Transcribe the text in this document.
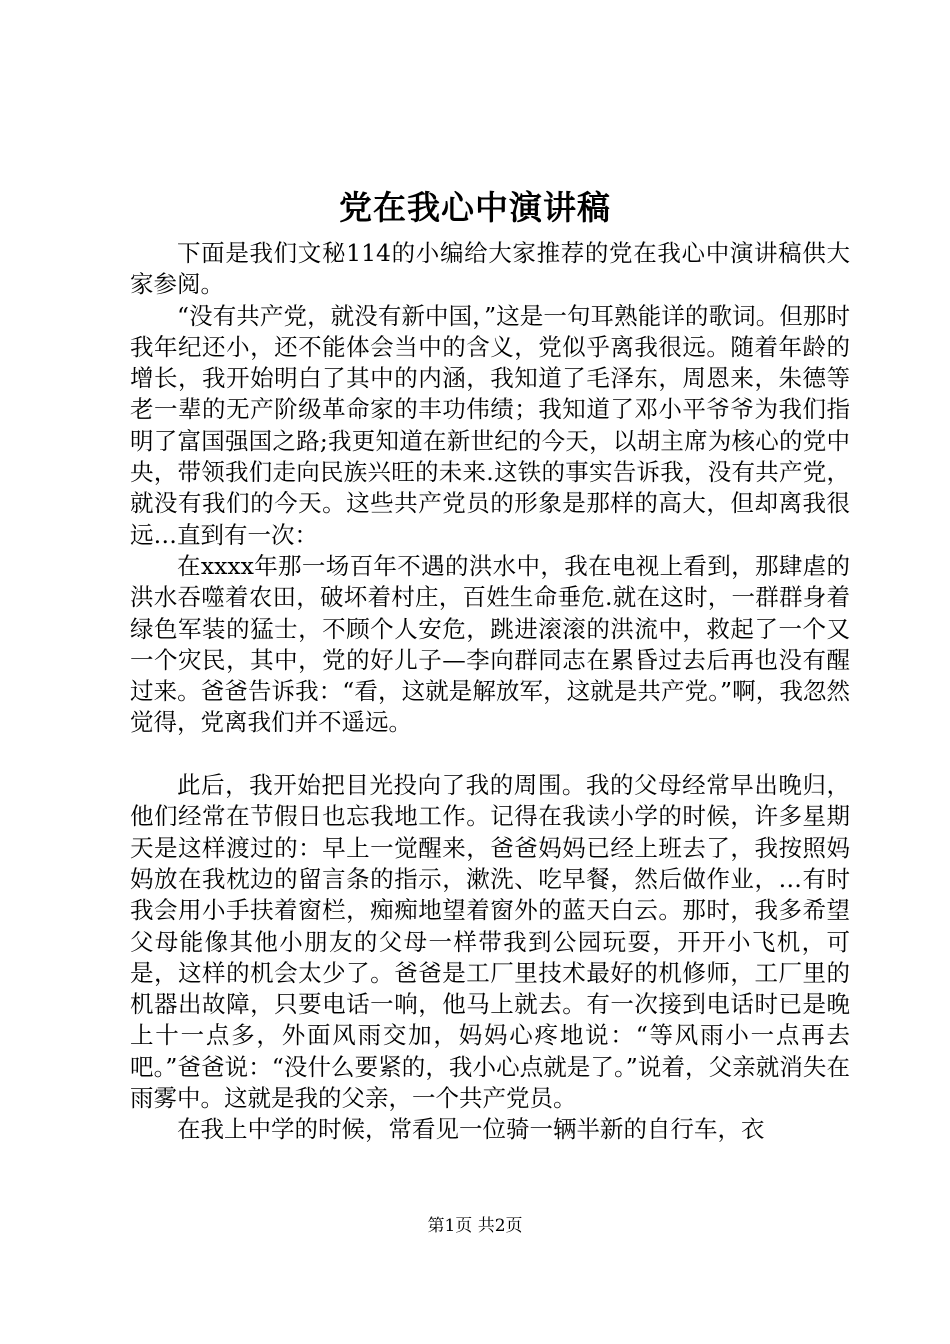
党在我心中演讲稿

下面是我们文秘114的小编给大家推荐的党在我心中演讲稿供大家参阅。

“没有共产党，就没有新中国，”这是一句耳熟能详的歌词。但那时我年纪还小，还不能体会当中的含义，党似乎离我很远。随着年龄的增长，我开始明白了其中的内涵，我知道了毛泽东，周恩来，朱德等老一辈的无产阶级革命家的丰功伟绩；我知道了邓小平爷爷为我们指明了富国强国之路;我更知道在新世纪的今天，以胡主席为核心的党中央，带领我们走向民族兴旺的未来.这铁的事实告诉我，没有共产党，就没有我们的今天。这些共产党员的形象是那样的高大，但却离我很远…直到有一次：

在xxxx年那一场百年不遇的洪水中，我在电视上看到，那肆虐的洪水吞噬着农田，破坏着村庄，百姓生命垂危.就在这时，一群群身着绿色军装的猛士，不顾个人安危，跳进滚滚的洪流中，救起了一个又一个灾民，其中，党的好儿子—李向群同志在累昏过去后再也没有醒过来。爸爸告诉我：“看，这就是解放军，这就是共产党。”啊，我忽然觉得，党离我们并不遥远。

此后，我开始把目光投向了我的周围。我的父母经常早出晚归，他们经常在节假日也忘我地工作。记得在我读小学的时候，许多星期天是这样渡过的：早上一觉醒来，爸爸妈妈已经上班去了，我按照妈妈放在我枕边的留言条的指示，漱洗、吃早餐，然后做作业，…有时我会用小手扶着窗栏，痴痴地望着窗外的蓝天白云。那时，我多希望父母能像其他小朋友的父母一样带我到公园玩耍，开开小飞机，可是，这样的机会太少了。爸爸是工厂里技术最好的机修师，工厂里的机器出故障，只要电话一响，他马上就去。有一次接到电话时已是晚上十一点多，外面风雨交加，妈妈心疼地说：“等风雨小一点再去吧。”爸爸说：“没什么要紧的，我小心点就是了。”说着，父亲就消失在雨雾中。这就是我的父亲，一个共产党员。

在我上中学的时候，常看见一位骑一辆半新的自行车，衣

第1页 共2页
